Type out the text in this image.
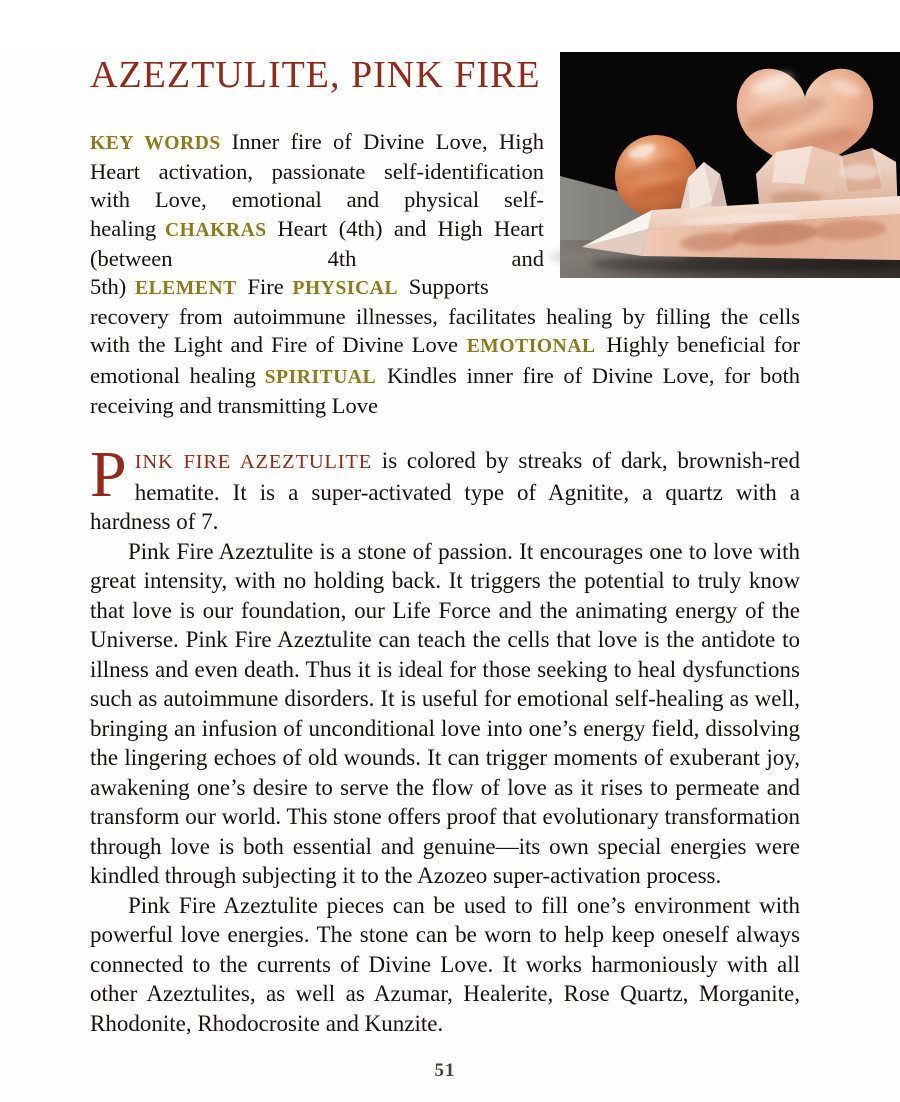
AZEZTULITE, PINK FIRE

KEY WORDS Inner fire of Divine Love, High Heart activation, passionate self-identification with Love, emotional and physical self-healing CHAKRAS Heart (4th) and High Heart (between 4th and 5th) ELEMENT Fire PHYSICAL Supports recovery from autoimmune illnesses, facilitates healing by filling the cells with the Light and Fire of Divine Love EMOTIONAL Highly beneficial for emotional healing SPIRITUAL Kindles inner fire of Divine Love, for both receiving and transmitting Love

PINK FIRE AZEZTULITE is colored by streaks of dark, brownish-red hematite. It is a super-activated type of Agnitite, a quartz with a hardness of 7.

Pink Fire Azeztulite is a stone of passion. It encourages one to love with great intensity, with no holding back. It triggers the potential to truly know that love is our foundation, our Life Force and the animating energy of the Universe. Pink Fire Azeztulite can teach the cells that love is the antidote to illness and even death. Thus it is ideal for those seeking to heal dysfunctions such as autoimmune disorders. It is useful for emotional self-healing as well, bringing an infusion of unconditional love into one’s energy field, dissolving the lingering echoes of old wounds. It can trigger moments of exuberant joy, awakening one’s desire to serve the flow of love as it rises to permeate and transform our world. This stone offers proof that evolutionary transformation through love is both essential and genuine—its own special energies were kindled through subjecting it to the Azozeo super-activation process.

Pink Fire Azeztulite pieces can be used to fill one’s environment with powerful love energies. The stone can be worn to help keep oneself always connected to the currents of Divine Love. It works harmoniously with all other Azeztulites, as well as Azumar, Healerite, Rose Quartz, Morganite, Rhodonite, Rhodocrosite and Kunzite.

51
